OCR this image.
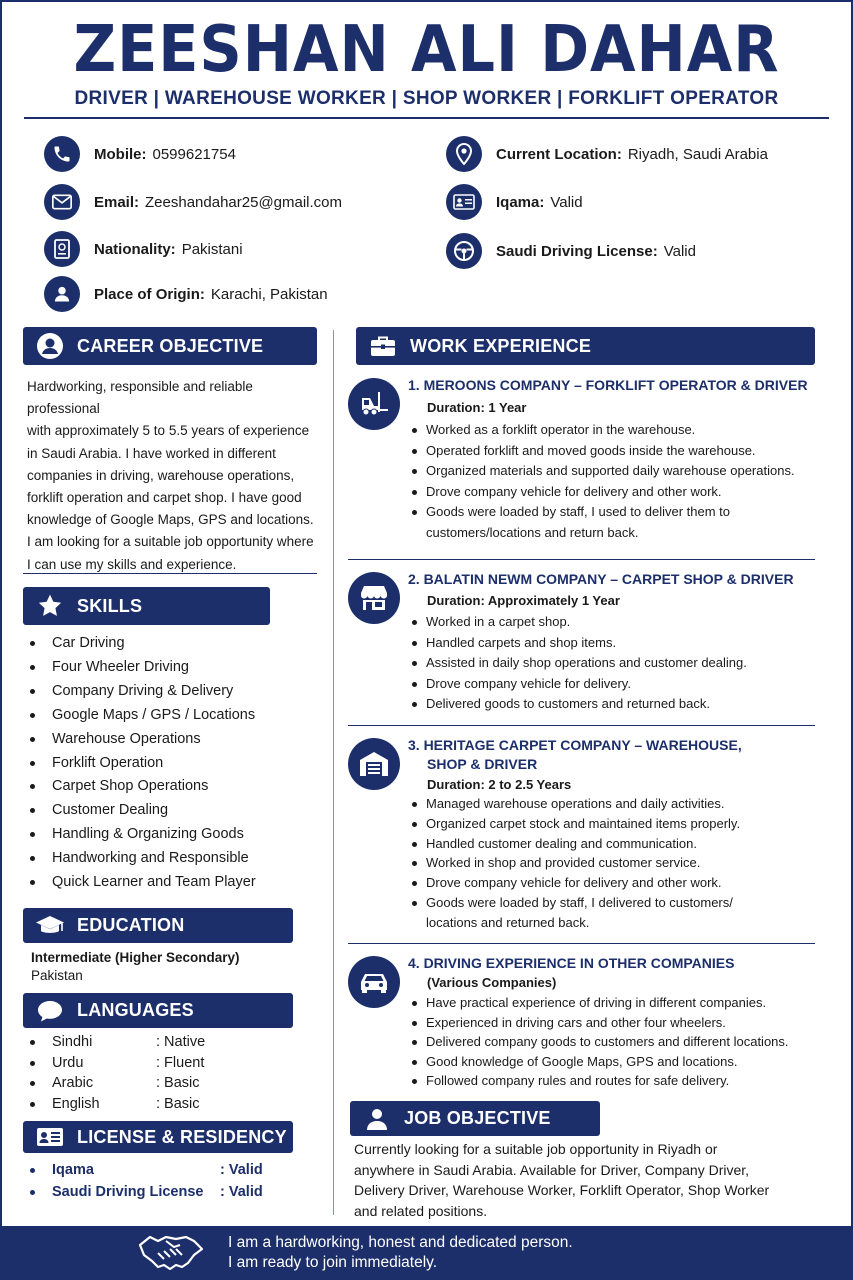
ZEESHAN ALI DAHAR
DRIVER | WAREHOUSE WORKER | SHOP WORKER | FORKLIFT OPERATOR
Mobile: 0599621754
Email: Zeeshandahar25@gmail.com
Nationality: Pakistani
Place of Origin: Karachi, Pakistan
Current Location: Riyadh, Saudi Arabia
Iqama: Valid
Saudi Driving License: Valid
CAREER OBJECTIVE
Hardworking, responsible and reliable professional
with approximately 5 to 5.5 years of experience
in Saudi Arabia. I have worked in different
companies in driving, warehouse operations,
forklift operation and carpet shop. I have good
knowledge of Google Maps, GPS and locations.
I am looking for a suitable job opportunity where
I can use my skills and experience.
SKILLS
Car Driving
Four Wheeler Driving
Company Driving & Delivery
Google Maps / GPS / Locations
Warehouse Operations
Forklift Operation
Carpet Shop Operations
Customer Dealing
Handling & Organizing Goods
Handworking and Responsible
Quick Learner and Team Player
EDUCATION
Intermediate (Higher Secondary)
Pakistan
LANGUAGES
Sindhi	: Native
Urdu	: Fluent
Arabic	: Basic
English	: Basic
LICENSE & RESIDENCY
Iqama	: Valid
Saudi Driving License	: Valid
WORK EXPERIENCE
1. MEROONS COMPANY – FORKLIFT OPERATOR & DRIVER
Duration: 1 Year
Worked as a forklift operator in the warehouse.
Operated forklift and moved goods inside the warehouse.
Organized materials and supported daily warehouse operations.
Drove company vehicle for delivery and other work.
Goods were loaded by staff, I used to deliver them to
customers/locations and return back.
2. BALATIN NEWM COMPANY – CARPET SHOP & DRIVER
Duration: Approximately 1 Year
Worked in a carpet shop.
Handled carpets and shop items.
Assisted in daily shop operations and customer dealing.
Drove company vehicle for delivery.
Delivered goods to customers and returned back.
3. HERITAGE CARPET COMPANY – WAREHOUSE,
SHOP & DRIVER
Duration: 2 to 2.5 Years
Managed warehouse operations and daily activities.
Organized carpet stock and maintained items properly.
Handled customer dealing and communication.
Worked in shop and provided customer service.
Drove company vehicle for delivery and other work.
Goods were loaded by staff, I delivered to customers/
locations and returned back.
4. DRIVING EXPERIENCE IN OTHER COMPANIES
(Various Companies)
Have practical experience of driving in different companies.
Experienced in driving cars and other four wheelers.
Delivered company goods to customers and different locations.
Good knowledge of Google Maps, GPS and locations.
Followed company rules and routes for safe delivery.
JOB OBJECTIVE
Currently looking for a suitable job opportunity in Riyadh or
anywhere in Saudi Arabia. Available for Driver, Company Driver,
Delivery Driver, Warehouse Worker, Forklift Operator, Shop Worker
and related positions.
I am a hardworking, honest and dedicated person.
I am ready to join immediately.
